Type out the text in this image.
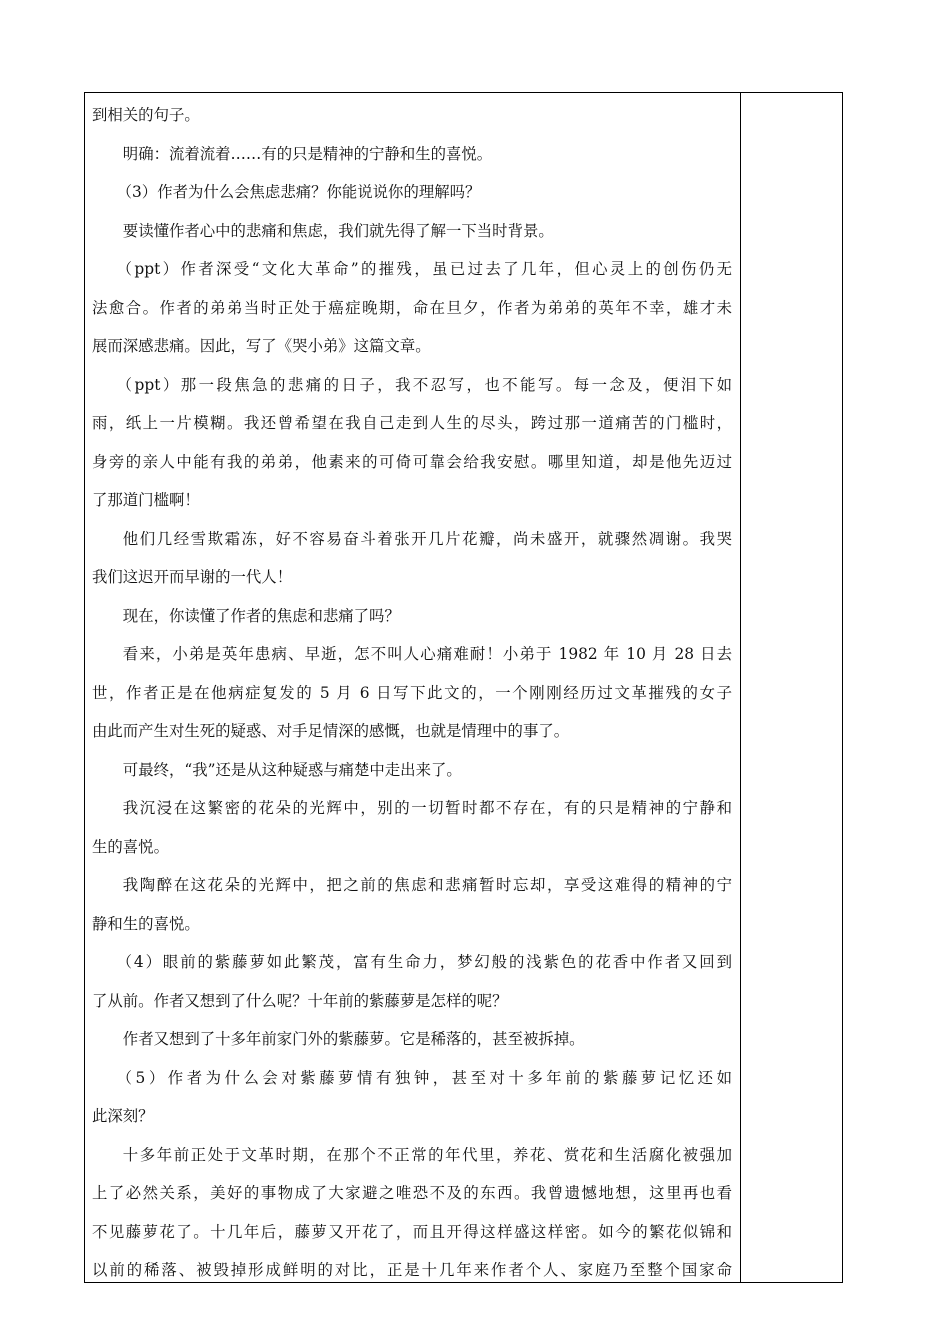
到相关的句子。

明确：流着流着……有的只是精神的宁静和生的喜悦。

（3）作者为什么会焦虑悲痛？你能说说你的理解吗？

要读懂作者心中的悲痛和焦虑，我们就先得了解一下当时背景。

（ppt）作者深受“文化大革命”的摧残，虽已过去了几年，但心灵上的创伤仍无

法愈合。作者的弟弟当时正处于癌症晚期，命在旦夕，作者为弟弟的英年不幸，雄才未

展而深感悲痛。因此，写了《哭小弟》这篇文章。

（ppt）那一段焦急的悲痛的日子，我不忍写，也不能写。每一念及，便泪下如

雨，纸上一片模糊。我还曾希望在我自己走到人生的尽头，跨过那一道痛苦的门槛时，

身旁的亲人中能有我的弟弟，他素来的可倚可靠会给我安慰。哪里知道，却是他先迈过

了那道门槛啊！

他们几经雪欺霜冻，好不容易奋斗着张开几片花瓣，尚未盛开，就骤然凋谢。我哭

我们这迟开而早谢的一代人！

现在，你读懂了作者的焦虑和悲痛了吗？

看来，小弟是英年患病、早逝，怎不叫人心痛难耐！小弟于 1982 年 10 月 28 日去

世，作者正是在他病症复发的 5 月 6 日写下此文的，一个刚刚经历过文革摧残的女子

由此而产生对生死的疑惑、对手足情深的感慨，也就是情理中的事了。

可最终，“我”还是从这种疑惑与痛楚中走出来了。

我沉浸在这繁密的花朵的光辉中，别的一切暂时都不存在，有的只是精神的宁静和

生的喜悦。

我陶醉在这花朵的光辉中，把之前的焦虑和悲痛暂时忘却，享受这难得的精神的宁

静和生的喜悦。

（4）眼前的紫藤萝如此繁茂，富有生命力，梦幻般的浅紫色的花香中作者又回到

了从前。作者又想到了什么呢？十年前的紫藤萝是怎样的呢？

作者又想到了十多年前家门外的紫藤萝。它是稀落的，甚至被拆掉。

（5）作者为什么会对紫藤萝情有独钟，甚至对十多年前的紫藤萝记忆还如

此深刻？

十多年前正处于文革时期，在那个不正常的年代里，养花、赏花和生活腐化被强加

上了必然关系，美好的事物成了大家避之唯恐不及的东西。我曾遗憾地想，这里再也看

不见藤萝花了。十几年后，藤萝又开花了，而且开得这样盛这样密。如今的繁花似锦和

以前的稀落、被毁掉形成鲜明的对比，正是十几年来作者个人、家庭乃至整个国家命
